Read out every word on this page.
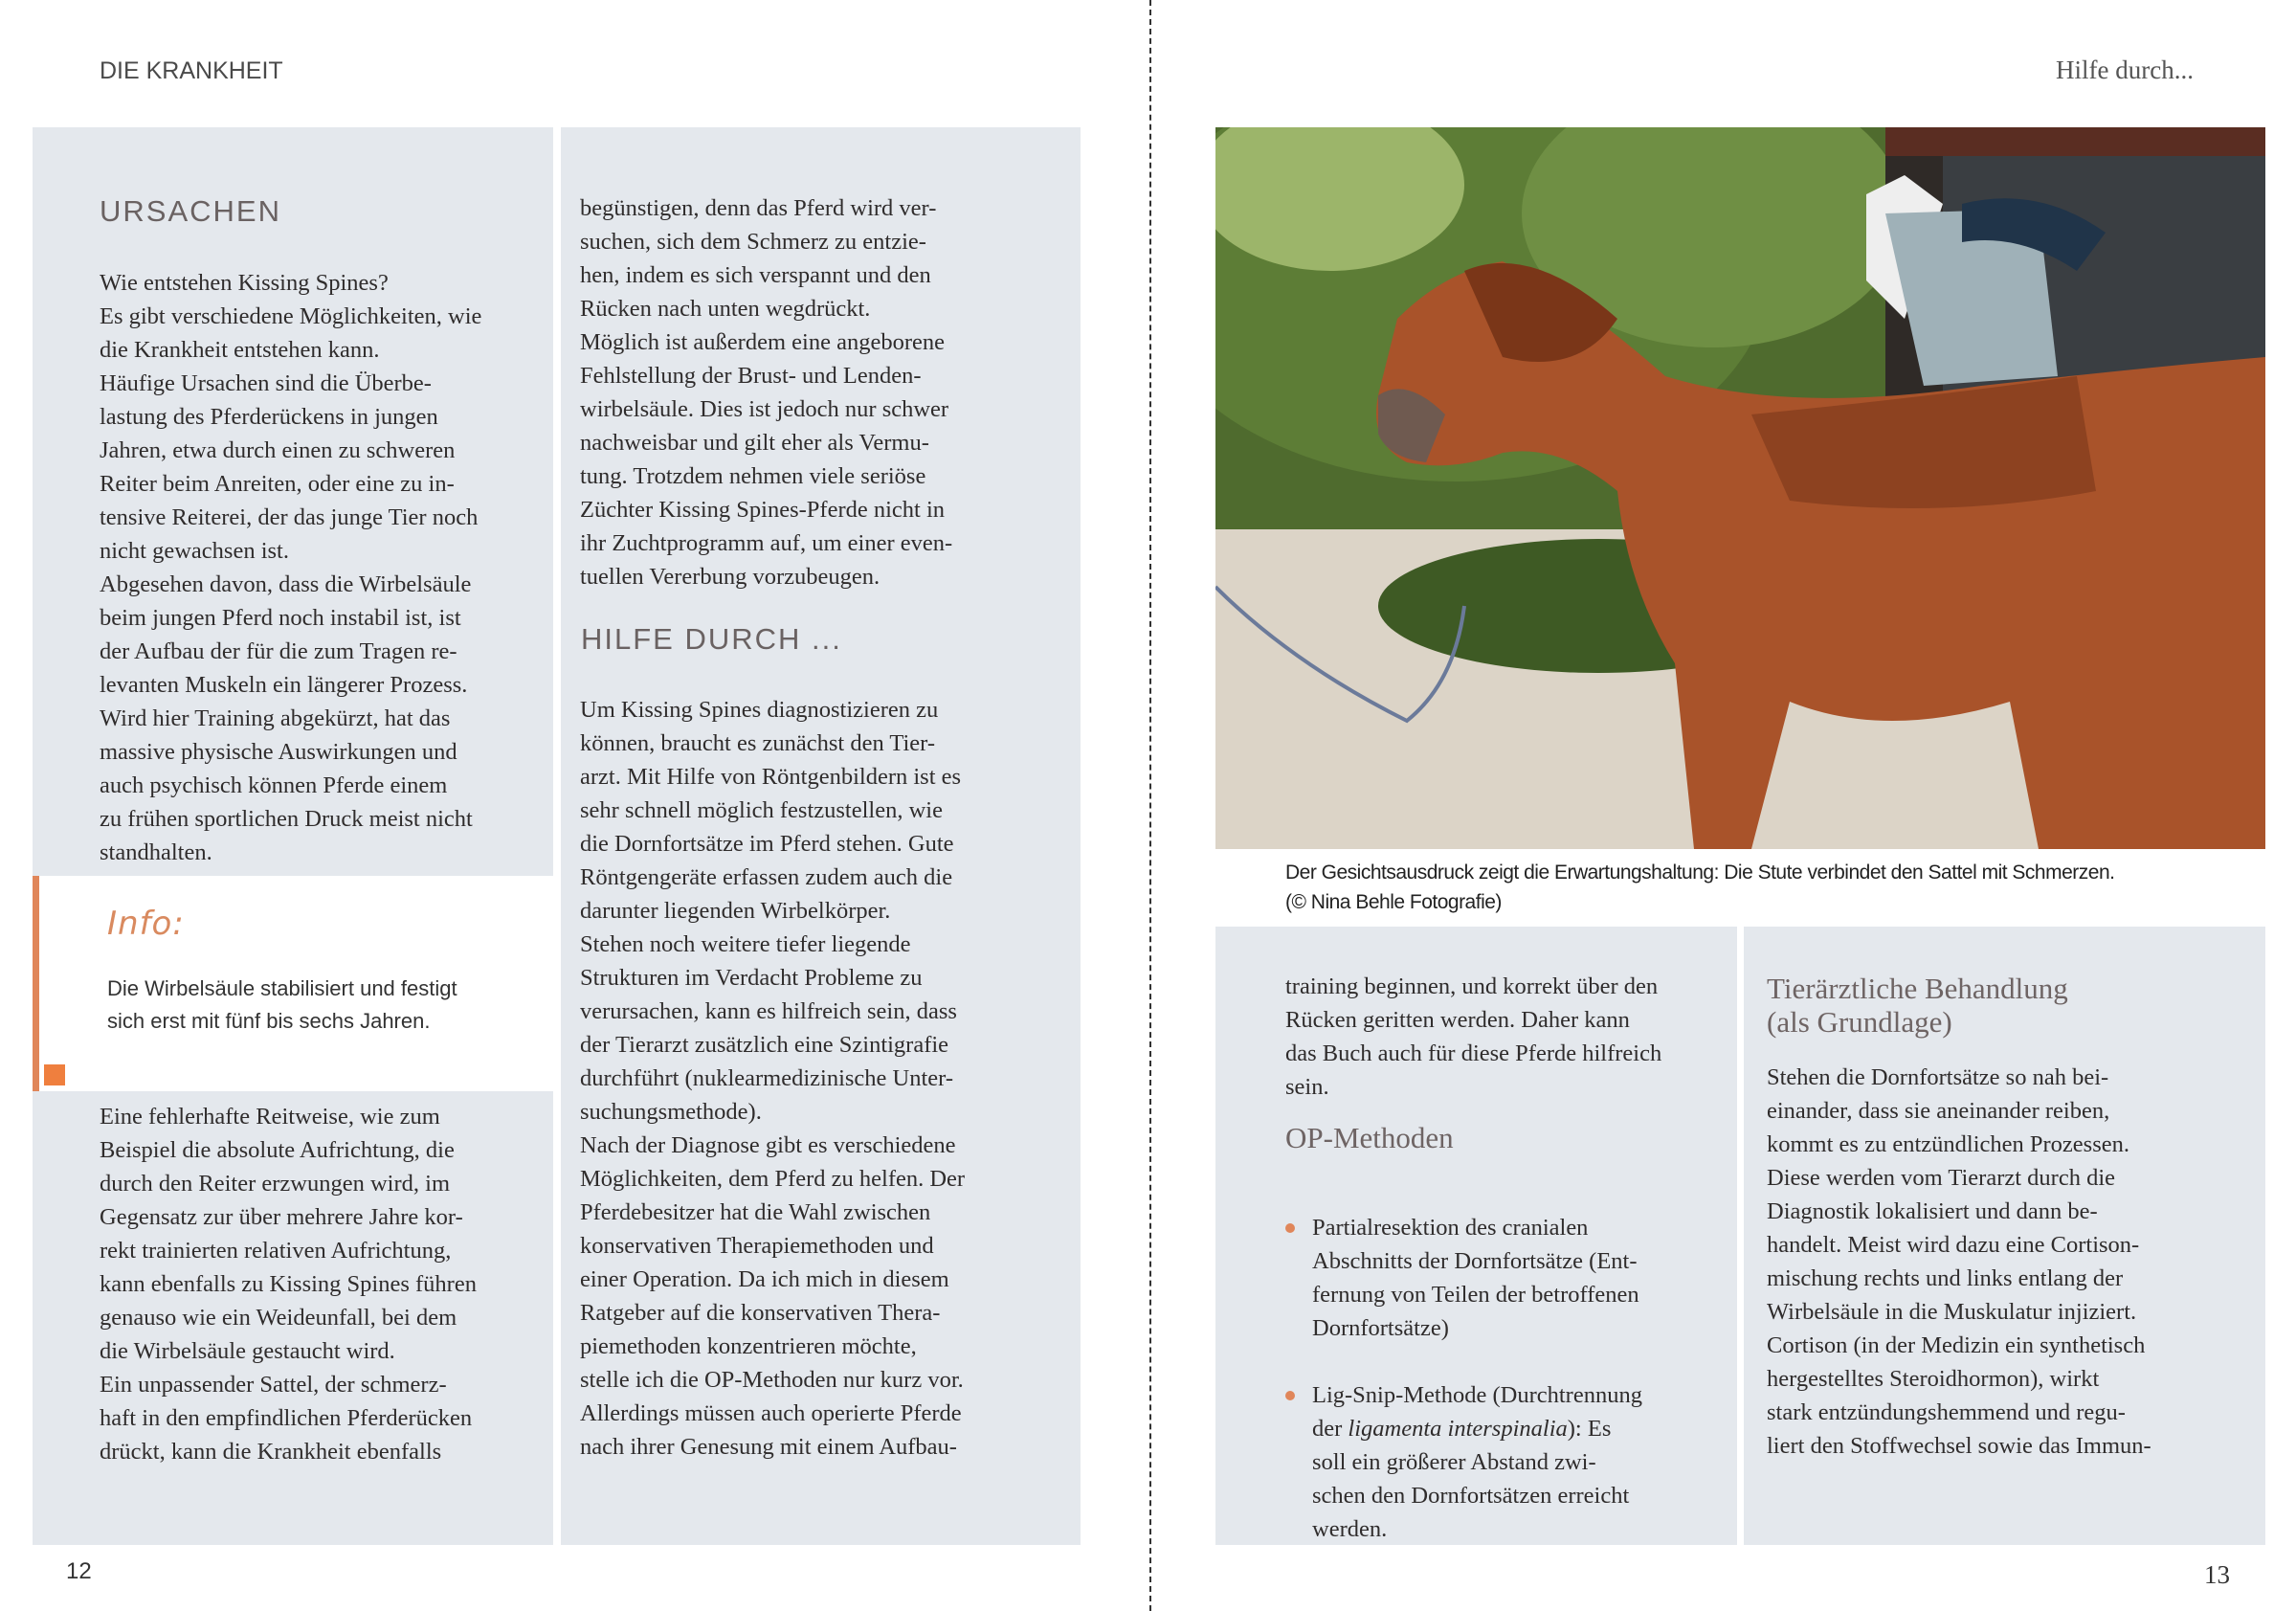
DIE KRANKHEIT
URSACHEN
Wie entstehen Kissing Spines?
Es gibt verschiedene Möglichkeiten, wie
die Krankheit entstehen kann.
Häufige Ursachen sind die Überbe-
lastung des Pferderückens in jungen
Jahren, etwa durch einen zu schweren
Reiter beim Anreiten, oder eine zu in-
tensive Reiterei, der das junge Tier noch
nicht gewachsen ist.
Abgesehen davon, dass die Wirbelsäule
beim jungen Pferd noch instabil ist, ist
der Aufbau der für die zum Tragen re-
levanten Muskeln ein längerer Prozess.
Wird hier Training abgekürzt, hat das
massive physische Auswirkungen und
auch psychisch können Pferde einem
zu frühen sportlichen Druck meist nicht
standhalten.
Info:
Die Wirbelsäule stabilisiert und festigt
sich erst mit fünf bis sechs Jahren.
Eine fehlerhafte Reitweise, wie zum
Beispiel die absolute Aufrichtung, die
durch den Reiter erzwungen wird, im
Gegensatz zur über mehrere Jahre kor-
rekt trainierten relativen Aufrichtung,
kann ebenfalls zu Kissing Spines führen
genauso wie ein Weideunfall, bei dem
die Wirbelsäule gestaucht wird.
Ein unpassender Sattel, der schmerz-
haft in den empfindlichen Pferderücken
drückt, kann die Krankheit ebenfalls
begünstigen, denn das Pferd wird ver-
suchen, sich dem Schmerz zu entzie-
hen, indem es sich verspannt und den
Rücken nach unten wegdrückt.
Möglich ist außerdem eine angeborene
Fehlstellung der Brust- und Lenden-
wirbelsäule. Dies ist jedoch nur schwer
nachweisbar und gilt eher als Vermu-
tung. Trotzdem nehmen viele seriöse
Züchter Kissing Spines-Pferde nicht in
ihr Zuchtprogramm auf, um einer even-
tuellen Vererbung vorzubeugen.
HILFE DURCH ...
Um Kissing Spines diagnostizieren zu
können, braucht es zunächst den Tier-
arzt. Mit Hilfe von Röntgenbildern ist es
sehr schnell möglich festzustellen, wie
die Dornfortsätze im Pferd stehen. Gute
Röntgengeräte erfassen zudem auch die
darunter liegenden Wirbelkörper.
Stehen noch weitere tiefer liegende
Strukturen im Verdacht Probleme zu
verursachen, kann es hilfreich sein, dass
der Tierarzt zusätzlich eine Szintigrafie
durchführt (nuklearmedizinische Unter-
suchungsmethode).
Nach der Diagnose gibt es verschiedene
Möglichkeiten, dem Pferd zu helfen. Der
Pferdebesitzer hat die Wahl zwischen
konservativen Therapiemethoden und
einer Operation. Da ich mich in diesem
Ratgeber auf die konservativen Thera-
piemethoden konzentrieren möchte,
stelle ich die OP-Methoden nur kurz vor.
Allerdings müssen auch operierte Pferde
nach ihrer Genesung mit einem Aufbau-
12
Hilfe durch...
Der Gesichtsausdruck zeigt die Erwartungshaltung: Die Stute verbindet den Sattel mit Schmerzen.
(© Nina Behle Fotografie)
training beginnen, und korrekt über den
Rücken geritten werden. Daher kann
das Buch auch für diese Pferde hilfreich
sein.
OP-Methoden

Partialresektion des cranialen
Abschnitts der Dornfortsätze (Ent-
fernung von Teilen der betroffenen
Dornfortsätze)

Lig-Snip-Methode (Durchtrennung
der ligamenta interspinalia): Es
soll ein größerer Abstand zwi-
schen den Dornfortsätzen erreicht
werden.

Tierärztliche Behandlung
(als Grundlage)
Stehen die Dornfortsätze so nah bei-
einander, dass sie aneinander reiben,
kommt es zu entzündlichen Prozessen.
Diese werden vom Tierarzt durch die
Diagnostik lokalisiert und dann be-
handelt. Meist wird dazu eine Cortison-
mischung rechts und links entlang der
Wirbelsäule in die Muskulatur injiziert.
Cortison (in der Medizin ein synthetisch
hergestelltes Steroidhormon), wirkt
stark entzündungshemmend und regu-
liert den Stoffwechsel sowie das Immun-
13
